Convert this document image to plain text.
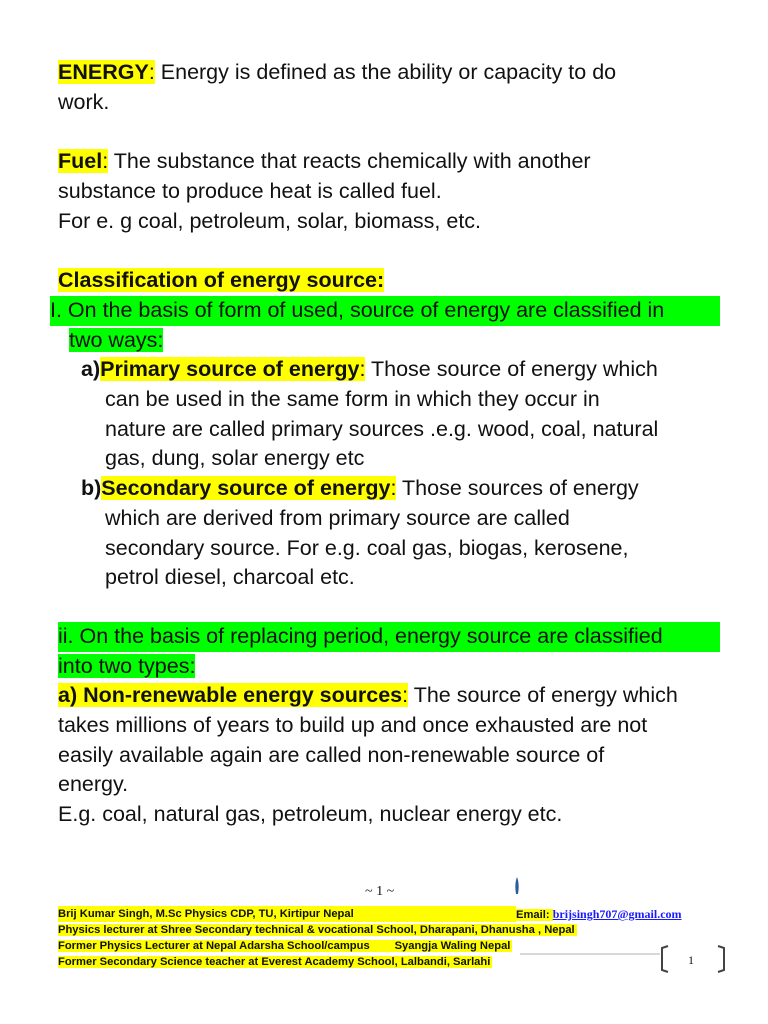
ENERGY: Energy is defined as the ability or capacity to do
work.
Fuel: The substance that reacts chemically with another
substance to produce heat is called fuel.
For e. g coal, petroleum, solar, biomass, etc.
Classification of energy source:
I. On the basis of form of used, source of energy are classified in
two ways:
a)Primary source of energy: Those source of energy which
can be used in the same form in which they occur in
nature are called primary sources .e.g. wood, coal, natural
gas, dung, solar energy etc
b)Secondary source of energy: Those sources of energy
which are derived from primary source are called
secondary source. For e.g. coal gas, biogas, kerosene,
petrol diesel, charcoal etc.
ii. On the basis of replacing period, energy source are classified
into two types:
a) Non-renewable energy sources: The source of energy which
takes millions of years to build up and once exhausted are not
easily available again are called non-renewable source of
energy.
E.g. coal, natural gas, petroleum, nuclear energy etc.
~ 1 ~
Brij Kumar Singh, M.Sc Physics CDP, TU, Kirtipur Nepal	Email: brijsingh707@gmail.com
Physics lecturer at Shree Secondary technical & vocational School, Dharapani, Dhanusha , Nepal
Former Physics Lecturer at Nepal Adarsha School/campus        Syangja Waling Nepal
Former Secondary Science teacher at Everest Academy School, Lalbandi, Sarlahi	1
